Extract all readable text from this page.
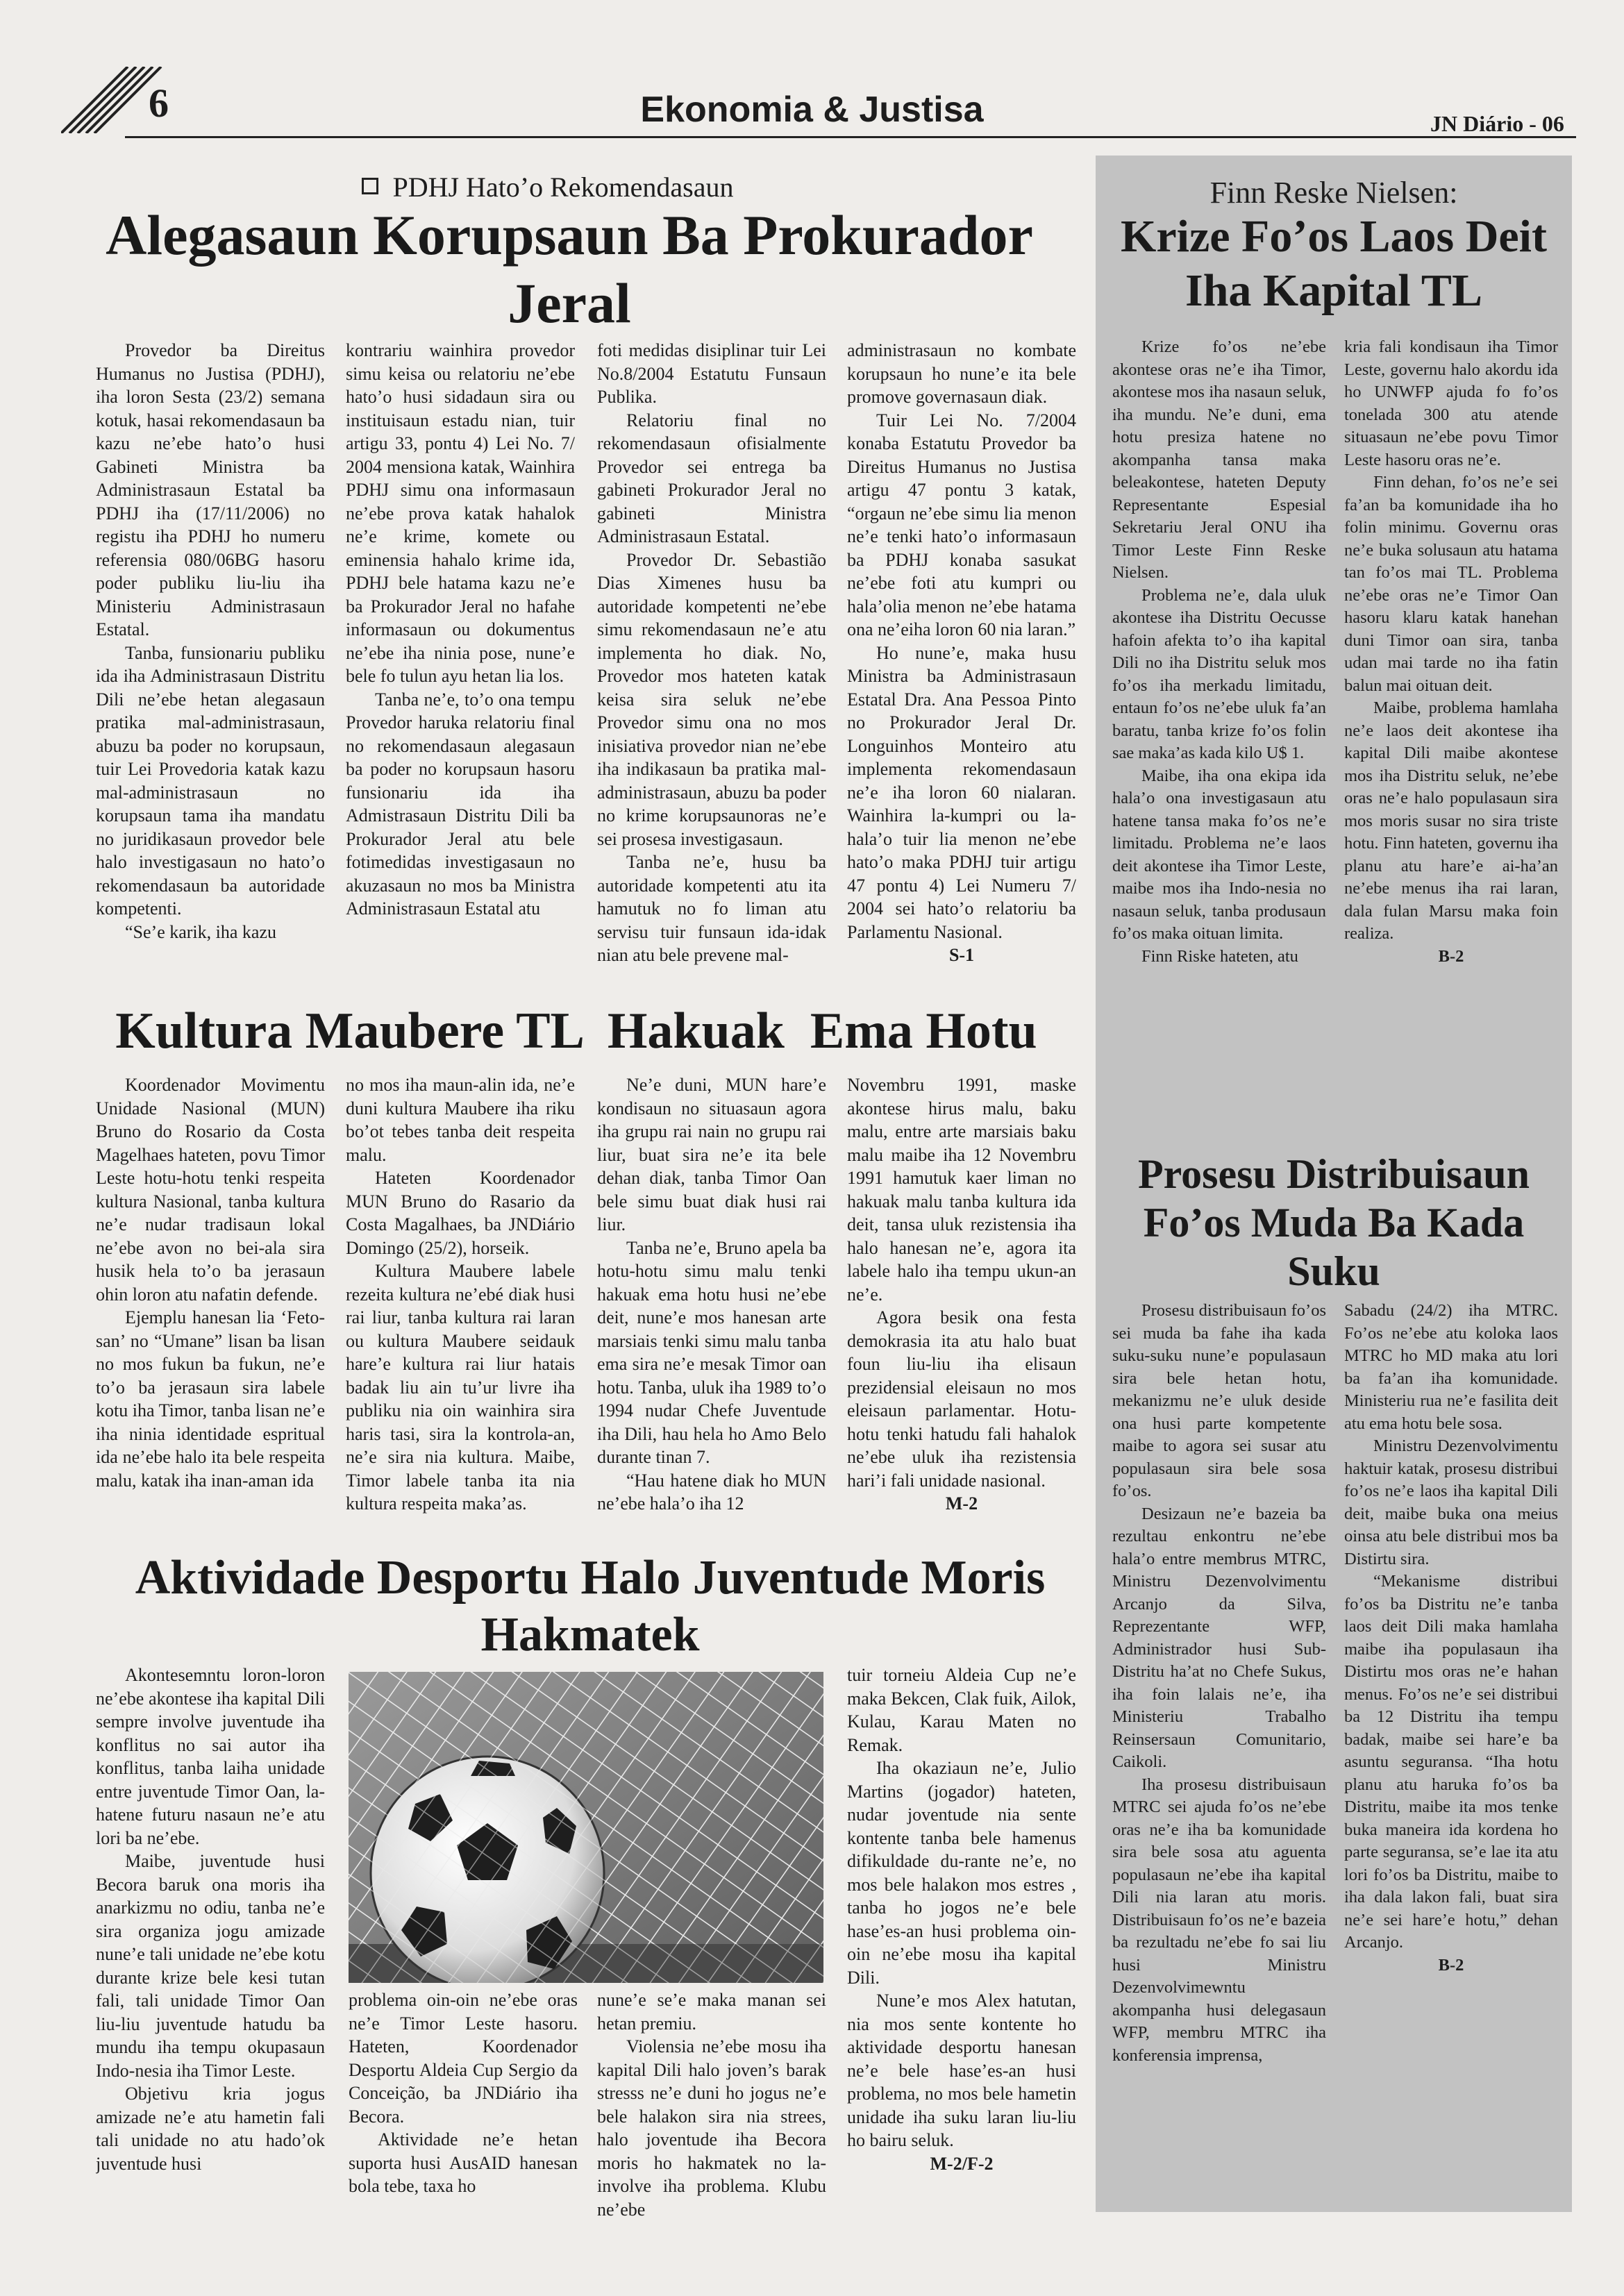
6	Ekonomia & Justisa	JN Diário - 06
PDHJ Hato’o Rekomendasaun
Alegasaun Korupsaun Ba Prokurador Jeral

Provedor ba Direitus Humanus no Justisa (PDHJ), iha loron Sesta (23/2) semana kotuk, hasai rekomendasaun ba kazu ne’ebe hato’o husi Gabineti Ministra ba Administrasaun Estatal ba PDHJ iha (17/11/2006) no registu iha PDHJ ho numeru referensia 080/06BG hasoru poder publiku liu-liu iha Ministeriu Administrasaun Estatal.

Tanba, funsionariu publiku ida iha Administrasaun Distritu Dili ne’ebe hetan alegasaun pratika mal-administrasaun, abuzu ba poder no korupsaun, tuir Lei Provedoria katak kazu mal-administrasaun no korupsaun tama iha mandatu no juridikasaun provedor bele halo investigasaun no hato’o rekomendasaun ba autoridade kompetenti.

“Se’e karik, iha kazu

kontrariu wainhira provedor simu keisa ou relatoriu ne’ebe hato’o husi sidadaun sira ou instituisaun estadu nian, tuir artigu 33, pontu 4) Lei No. 7/ 2004 mensiona katak, Wainhira PDHJ simu ona informasaun ne’ebe prova katak hahalok ne’e krime, komete ou eminensia hahalo krime ida, PDHJ bele hatama kazu ne’e ba Prokurador Jeral no hafahe informasaun ou dokumentus ne’ebe iha ninia pose, nune’e bele fo tulun ayu hetan lia los.

Tanba ne’e, to’o ona tempu Provedor haruka relatoriu final no rekomendasaun alegasaun ba poder no korupsaun hasoru funsionariu ida iha Admistrasaun Distritu Dili ba Prokurador Jeral atu bele fotimedidas investigasaun no akuzasaun no mos ba Ministra Administrasaun Estatal atu

foti medidas disiplinar tuir Lei No.8/2004 Estatutu Funsaun Publika.

Relatoriu final no rekomendasaun ofisialmente Provedor sei entrega ba gabineti Prokurador Jeral no gabineti Ministra Administrasaun Estatal.

Provedor Dr. Sebastião Dias Ximenes husu ba autoridade kompetenti ne’ebe simu rekomendasaun ne’e atu implementa ho diak. No, Provedor mos hateten katak keisa sira seluk ne’ebe Provedor simu ona no mos inisiativa provedor nian ne’ebe iha indikasaun ba pratika mal-administrasaun, abuzu ba poder no krime korupsaunoras ne’e sei prosesa investigasaun.

Tanba ne’e, husu ba autoridade kompetenti atu ita hamutuk no fo liman atu servisu tuir funsaun ida-idak nian atu bele prevene mal-

administrasaun no kombate korupsaun ho nune’e ita bele promove governasaun diak.

Tuir Lei No. 7/2004 konaba Estatutu Provedor ba Direitus Humanus no Justisa artigu 47 pontu 3 katak, “orgaun ne’ebe simu lia menon ne’e tenki hato’o informasaun ba PDHJ konaba sasukat ne’ebe foti atu kumpri ou hala’olia menon ne’ebe hatama ona ne’eiha loron 60 nia laran.”

Ho nune’e, maka husu Ministra ba Administrasaun Estatal Dra. Ana Pessoa Pinto no Prokurador Jeral Dr. Longuinhos Monteiro atu implementa rekomendasaun ne’e iha loron 60 nialaran. Wainhira la-kumpri ou la-hala’o tuir lia menon ne’ebe hato’o maka PDHJ tuir artigu 47 pontu 4) Lei Numeru 7/ 2004 sei hato’o relatoriu ba Parlamentu Nasional.

S-1

Kultura Maubere TL  Hakuak  Ema Hotu

Koordenador Movimentu Unidade Nasional (MUN) Bruno do Rosario da Costa Magelhaes hateten, povu Timor Leste hotu-hotu tenki respeita kultura Nasional, tanba kultura ne’e nudar tradisaun lokal ne’ebe avon no bei-ala sira husik hela to’o ba jerasaun ohin loron atu nafatin defende.

Ejemplu hanesan lia ‘Feto-san’ no “Umane” lisan ba lisan no mos fukun ba fukun, ne’e to’o ba jerasaun sira labele kotu iha Timor, tanba lisan ne’e iha ninia identidade espritual ida ne’ebe halo ita bele respeita malu, katak iha inan-aman ida

no mos iha maun-alin ida, ne’e duni kultura Maubere iha riku bo’ot tebes tanba deit respeita malu.

Hateten Koordenador MUN Bruno do Rasario da Costa Magalhaes, ba JNDiário Domingo (25/2), horseik.

Kultura Maubere labele rezeita kultura ne’ebé diak husi rai liur, tanba kultura rai laran ou kultura Maubere seidauk hare’e kultura rai liur hatais badak liu ain tu’ur livre iha publiku nia oin wainhira sira haris tasi, sira la kontrola-an, ne’e sira nia kultura. Maibe, Timor labele tanba ita nia kultura respeita maka’as.

Ne’e duni, MUN hare’e kondisaun no situasaun agora iha grupu rai nain no grupu rai liur, buat sira ne’e ita bele dehan diak, tanba Timor Oan bele simu buat diak husi rai liur.

Tanba ne’e, Bruno apela ba hotu-hotu simu malu tenki hakuak ema hotu husi ne’ebe deit, nune’e mos hanesan arte marsiais tenki simu malu tanba ema sira ne’e mesak Timor oan hotu. Tanba, uluk iha 1989 to’o 1994 nudar Chefe Juventude iha Dili, hau hela ho Amo Belo durante tinan 7.

“Hau hatene diak ho MUN ne’ebe hala’o iha 12

Novembru 1991, maske akontese hirus malu, baku malu, entre arte marsiais baku malu maibe iha 12 Novembru 1991 hamutuk kaer liman no hakuak malu tanba kultura ida deit, tansa uluk rezistensia iha halo hanesan ne’e, agora ita labele halo iha tempu ukun-an ne’e.

Agora besik ona festa demokrasia ita atu halo buat foun liu-liu iha elisaun prezidensial eleisaun no mos eleisaun parlamentar. Hotu-hotu tenki hatudu fali hahalok ne’ebe uluk iha rezistensia hari’i fali unidade nasional.

M-2

Aktividade Desportu Halo Juventude Moris
Hakmatek

Akontesemntu loron-loron ne’ebe akontese iha kapital Dili sempre involve juventude iha konflitus no sai autor iha konflitus, tanba laiha unidade entre juventude Timor Oan, la-hatene futuru nasaun ne’e atu lori ba ne’ebe.

Maibe, juventude husi Becora baruk ona moris iha anarkizmu no odiu, tanba ne’e sira organiza jogu amizade nune’e tali unidade ne’ebe kotu durante krize bele kesi tutan fali, tali unidade Timor Oan liu-liu juventude hatudu ba mundu iha tempu okupasaun Indo-nesia iha Timor Leste.

Objetivu kria jogus amizade ne’e atu hametin fali tali unidade no atu hado’ok juventude husi

problema oin-oin ne’ebe oras ne’e Timor Leste hasoru. Hateten, Koordenador Desportu Aldeia Cup Sergio da Conceição, ba JNDiário iha Becora.

Aktividade ne’e hetan suporta husi AusAID hanesan bola tebe, taxa ho

nune’e se’e maka manan sei hetan premiu.

Violensia ne’ebe mosu iha kapital Dili halo joven’s barak stresss ne’e duni ho jogus ne’e bele halakon sira nia strees, halo joventude iha Becora moris ho hakmatek no la-involve iha problema. Klubu ne’ebe

tuir torneiu Aldeia Cup ne’e maka Bekcen, Clak fuik, Ailok, Kulau, Karau Maten no Remak.

Iha okaziaun ne’e, Julio Martins (jogador) hateten, nudar joventude nia sente kontente tanba bele hamenus difikuldade du-rante ne’e, no mos bele halakon mos estres , tanba ho jogos ne’e bele hase’es-an husi problema oin-oin ne’ebe mosu iha kapital Dili.

Nune’e mos Alex hatutan, nia mos sente kontente ho aktividade desportu hanesan ne’e bele hase’es-an husi problema, no mos bele hametin unidade iha suku laran liu-liu ho bairu seluk.

M-2/F-2

Finn Reske Nielsen:
Krize Fo’os Laos Deit
Iha Kapital TL

Krize fo’os ne’ebe akontese oras ne’e iha Timor, akontese mos iha nasaun seluk, iha mundu. Ne’e duni, ema hotu presiza hatene no akompanha tansa maka beleakontese, hateten Deputy Representante Espesial Sekretariu Jeral ONU iha Timor Leste Finn Reske Nielsen.

Problema ne’e, dala uluk akontese iha Distritu Oecusse hafoin afekta to’o iha kapital Dili no iha Distritu seluk mos fo’os iha merkadu limitadu, entaun fo’os ne’ebe uluk fa’an baratu, tanba krize fo’os folin sae maka’as kada kilo U$ 1.

Maibe, iha ona ekipa ida hala’o ona investigasaun atu hatene tansa maka fo’os ne’e limitadu. Problema ne’e laos deit akontese iha Timor Leste, maibe mos iha Indo-nesia no nasaun seluk, tanba produsaun fo’os maka oituan limita.

Finn Riske hateten, atu

kria fali kondisaun iha Timor Leste, governu halo akordu ida ho UNWFP ajuda fo fo’os tonelada 300 atu atende situasaun ne’ebe povu Timor Leste hasoru oras ne’e.

Finn dehan, fo’os ne’e sei fa’an ba komunidade iha ho folin minimu. Governu oras ne’e buka solusaun atu hatama tan fo’os mai TL. Problema ne’ebe oras ne’e Timor Oan hasoru klaru katak hanehan duni Timor oan sira, tanba udan mai tarde no iha fatin balun mai oituan deit.

Maibe, problema hamlaha ne’e laos deit akontese iha kapital Dili maibe akontese mos iha Distritu seluk, ne’ebe oras ne’e halo populasaun sira mos moris susar no sira triste hotu. Finn hateten, governu iha planu atu hare’e ai-ha’an ne’ebe menus iha rai laran, dala fulan Marsu maka foin realiza.

B-2

Prosesu Distribuisaun
Fo’os Muda Ba Kada
Suku

Prosesu distribuisaun fo’os sei muda ba fahe iha kada suku-suku nune’e populasaun sira bele hetan hotu, mekanizmu ne’e uluk deside ona husi parte kompetente maibe to agora sei susar atu populasaun sira bele sosa fo’os.

Desizaun ne’e bazeia ba rezultau enkontru ne’ebe hala’o entre membrus MTRC, Ministru Dezenvolvimentu Arcanjo da Silva, Reprezentante WFP, Administrador husi Sub-Distritu ha’at no Chefe Sukus, iha foin lalais ne’e, iha Ministeriu Trabalho Reinsersaun Comunitario, Caikoli.

Iha prosesu distribuisaun MTRC sei ajuda fo’os ne’ebe oras ne’e iha ba komunidade sira bele sosa atu aguenta populasaun ne’ebe iha kapital Dili nia laran atu moris. Distribuisaun fo’os ne’e bazeia ba rezultadu ne’ebe fo sai liu husi Ministru Dezenvolvimewntu akompanha husi delegasaun WFP, membru MTRC iha konferensia imprensa,

Sabadu (24/2) iha MTRC. Fo’os ne’ebe atu koloka laos MTRC ho MD maka atu lori ba fa’an iha komunidade. Ministeriu rua ne’e fasilita deit atu ema hotu bele sosa.

Ministru Dezenvolvimentu haktuir katak, prosesu distribui fo’os ne’e laos iha kapital Dili deit, maibe buka ona meius oinsa atu bele distribui mos ba Distirtu sira.

“Mekanisme distribui fo’os ba Distritu ne’e tanba laos deit Dili maka hamlaha maibe iha populasaun iha Distirtu mos oras ne’e hahan menus. Fo’os ne’e sei distribui ba 12 Distritu iha tempu badak, maibe sei hare’e ba asuntu seguransa. “Iha hotu planu atu haruka fo’os ba Distritu, maibe ita mos tenke buka maneira ida kordena ho parte seguransa, se’e lae ita atu lori fo’os ba Distritu, maibe to iha dala lakon fali, buat sira ne’e sei hare’e hotu,” dehan Arcanjo.

B-2
